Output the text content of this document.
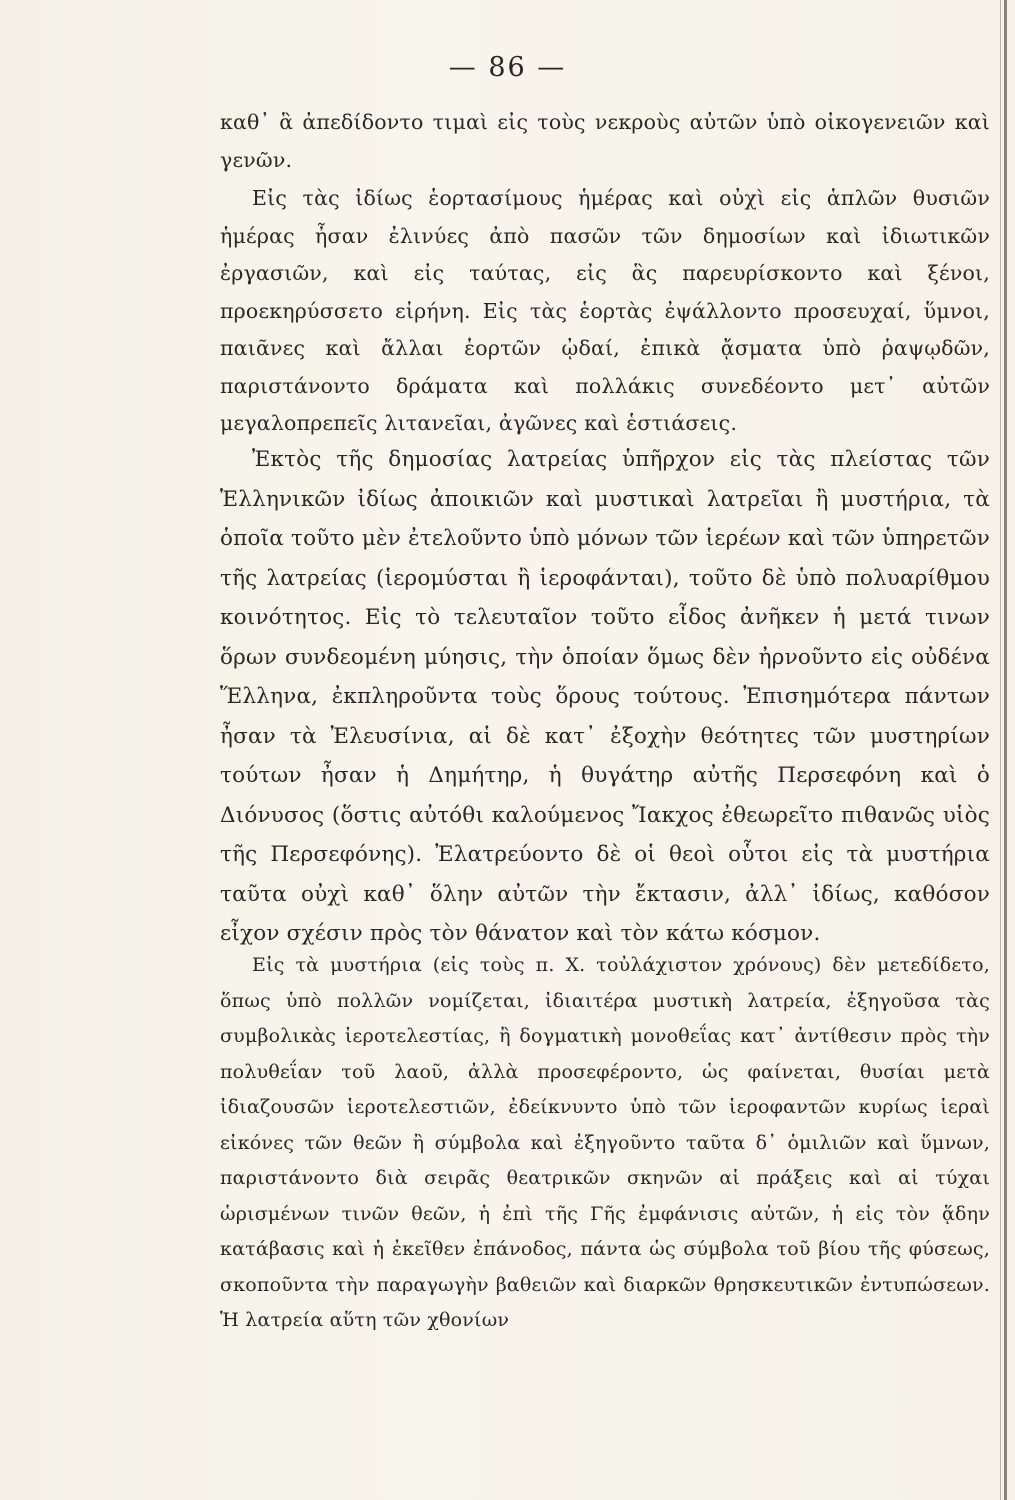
— 86 —

καθ᾽ ἃ ἀπεδίδοντο τιμαὶ εἰς τοὺς νεκροὺς αὐτῶν ὑπὸ οἰκογενειῶν καὶ γενῶν.

Εἰς τὰς ἰδίως ἑορτασίμους ἡμέρας καὶ οὐχὶ εἰς ἁπλῶν θυσιῶν ἡμέρας ἦσαν ἐλινύες ἀπὸ πασῶν τῶν δημοσίων καὶ ἰδιωτικῶν ἐργασιῶν, καὶ εἰς ταύτας, εἰς ἃς παρευρίσκοντο καὶ ξένοι, προεκηρύσσετο εἰρήνη. Εἰς τὰς ἑορτὰς ἐψάλλοντο προσευχαί, ὕμνοι, παιᾶνες καὶ ἄλλαι ἑορτῶν ᾠδαί, ἐπικὰ ᾄσματα ὑπὸ ῥαψῳδῶν, παριστάνοντο δράματα καὶ πολλάκις συνεδέοντο μετ᾽ αὐτῶν μεγαλοπρεπεῖς λιτανεῖαι, ἀγῶνες καὶ ἑστιάσεις.

Ἐκτὸς τῆς δημοσίας λατρείας ὑπῆρχον εἰς τὰς πλείστας τῶν Ἑλληνικῶν ἰδίως ἀποικιῶν καὶ μυστικαὶ λατρεῖαι ἢ μυστήρια, τὰ ὁποῖα τοῦτο μὲν ἐτελοῦντο ὑπὸ μόνων τῶν ἱερέων καὶ τῶν ὑπηρετῶν τῆς λατρείας (ἱερομύσται ἢ ἱεροφάνται), τοῦτο δὲ ὑπὸ πολυαρίθμου κοινότητος. Εἰς τὸ τελευταῖον τοῦτο εἶδος ἀνῆκεν ἡ μετά τινων ὅρων συνδεομένη μύησις, τὴν ὁποίαν ὅμως δὲν ἠρνοῦντο εἰς οὐδένα Ἕλληνα, ἐκπληροῦντα τοὺς ὅρους τούτους. Ἐπισημότερα πάντων ἦσαν τὰ Ἐλευσίνια, αἱ δὲ κατ᾽ ἐξοχὴν θεότητες τῶν μυστηρίων τούτων ἦσαν ἡ Δημήτηρ, ἡ θυγάτηρ αὐτῆς Περσεφόνη καὶ ὁ Διόνυσος (ὅστις αὐτόθι καλούμενος Ἴακχος ἐθεωρεῖτο πιθανῶς υἱὸς τῆς Περσεφόνης). Ἐλατρεύοντο δὲ οἱ θεοὶ οὗτοι εἰς τὰ μυστήρια ταῦτα οὐχὶ καθ᾽ ὅλην αὐτῶν τὴν ἔκτασιν, ἀλλ᾽ ἰδίως, καθόσον εἶχον σχέσιν πρὸς τὸν θάνατον καὶ τὸν κάτω κόσμον.

Εἰς τὰ μυστήρια (εἰς τοὺς π. Χ. τοὐλάχιστον χρόνους) δὲν μετεδίδετο, ὅπως ὑπὸ πολλῶν νομίζεται, ἰδιαιτέρα μυστικὴ λατρεία, ἐξηγοῦσα τὰς συμβολικὰς ἱεροτελεστίας, ἢ δογματικὴ μονοθεΐας κατ᾽ ἀντίθεσιν πρὸς τὴν πολυθεΐαν τοῦ λαοῦ, ἀλλὰ προσεφέροντο, ὡς φαίνεται, θυσίαι μετὰ ἰδιαζουσῶν ἱεροτελεστιῶν, ἐδείκνυντο ὑπὸ τῶν ἱεροφαντῶν κυρίως ἱεραὶ εἰκόνες τῶν θεῶν ἢ σύμβολα καὶ ἐξηγοῦντο ταῦτα δ᾽ ὁμιλιῶν καὶ ὕμνων, παριστάνοντο διὰ σειρᾶς θεατρικῶν σκηνῶν αἱ πράξεις καὶ αἱ τύχαι ὡρισμένων τινῶν θεῶν, ἡ ἐπὶ τῆς Γῆς ἐμφάνισις αὐτῶν, ἡ εἰς τὸν ᾅδην κατάβασις καὶ ἡ ἐκεῖθεν ἐπάνοδος, πάντα ὡς σύμβολα τοῦ βίου τῆς φύσεως, σκοποῦντα τὴν παραγωγὴν βαθειῶν καὶ διαρκῶν θρησκευτικῶν ἐντυπώσεων. Ἡ λατρεία αὕτη τῶν χθονίων
